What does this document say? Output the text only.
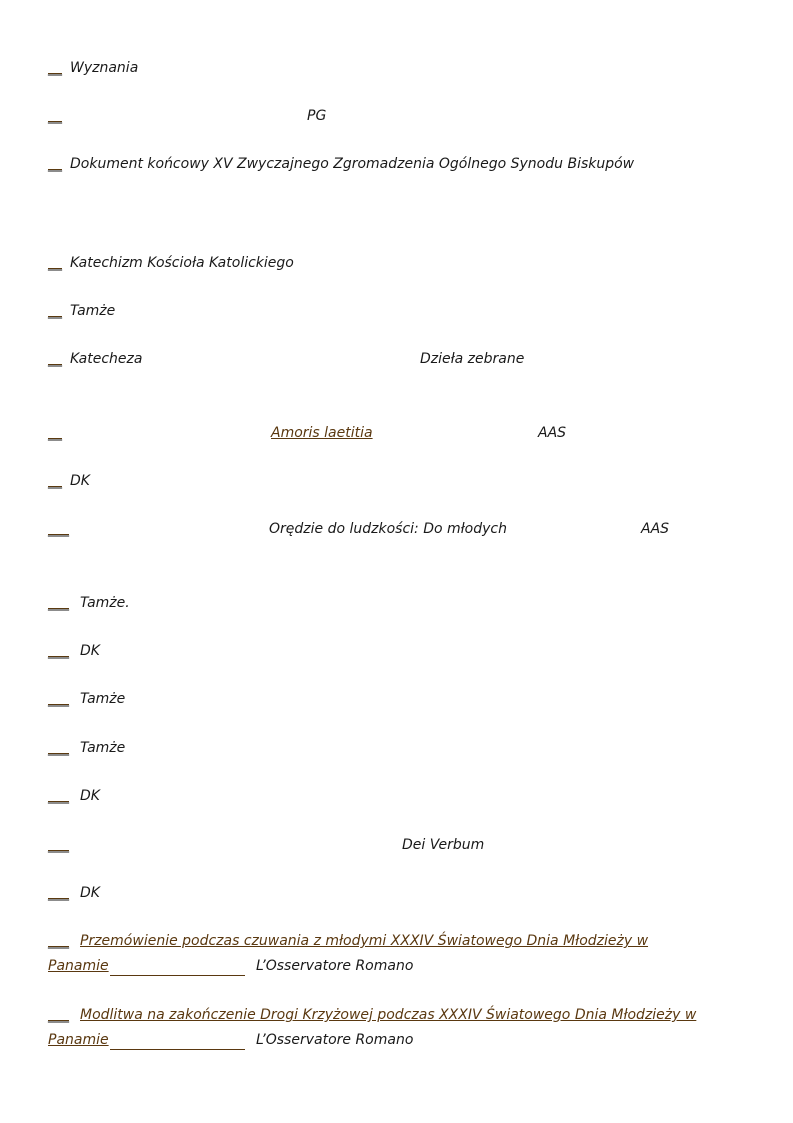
__ Wyznania
__	PG
__ Dokument końcowy XV Zwyczajnego Zgromadzenia Ogólnego Synodu Biskupów
__ Katechizm Kościoła Katolickiego
__ Tamże
__ Katecheza	Dzieła zebrane
__	Amoris laetitia	AAS
__ DK
___	Orędzie do ludzkości: Do młodych	AAS
___ Tamże.
___ DK
___ Tamże
___ Tamże
___ DK
___	Dei Verbum
___ DK
___ Przemówienie podczas czuwania z młodymi XXXIV Światowego Dnia Młodzieży w
Panamie	L’Osservatore Romano
___ Modlitwa na zakończenie Drogi Krzyżowej podczas XXXIV Światowego Dnia Młodzieży w
Panamie	L’Osservatore Romano
